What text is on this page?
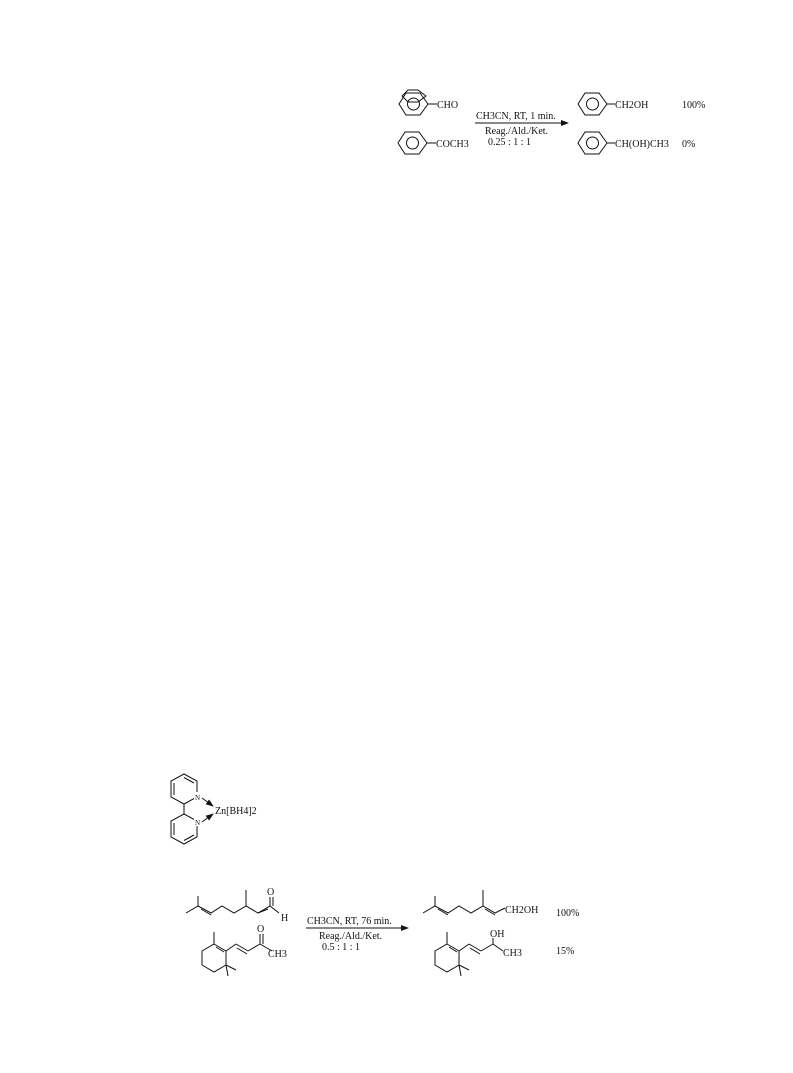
CHO
COCH3
CH3CN, RT, 1 min.
Reag./Ald./Ket.
0.25 : 1 : 1
CH2OH
CH(OH)CH3
100%
0%
N
N
Zn[BH4]2
O
H
O
CH3
CH3CN, RT, 76 min.
Reag./Ald./Ket.
0.5 : 1 : 1
CH2OH
OH
CH3
100%
15%
